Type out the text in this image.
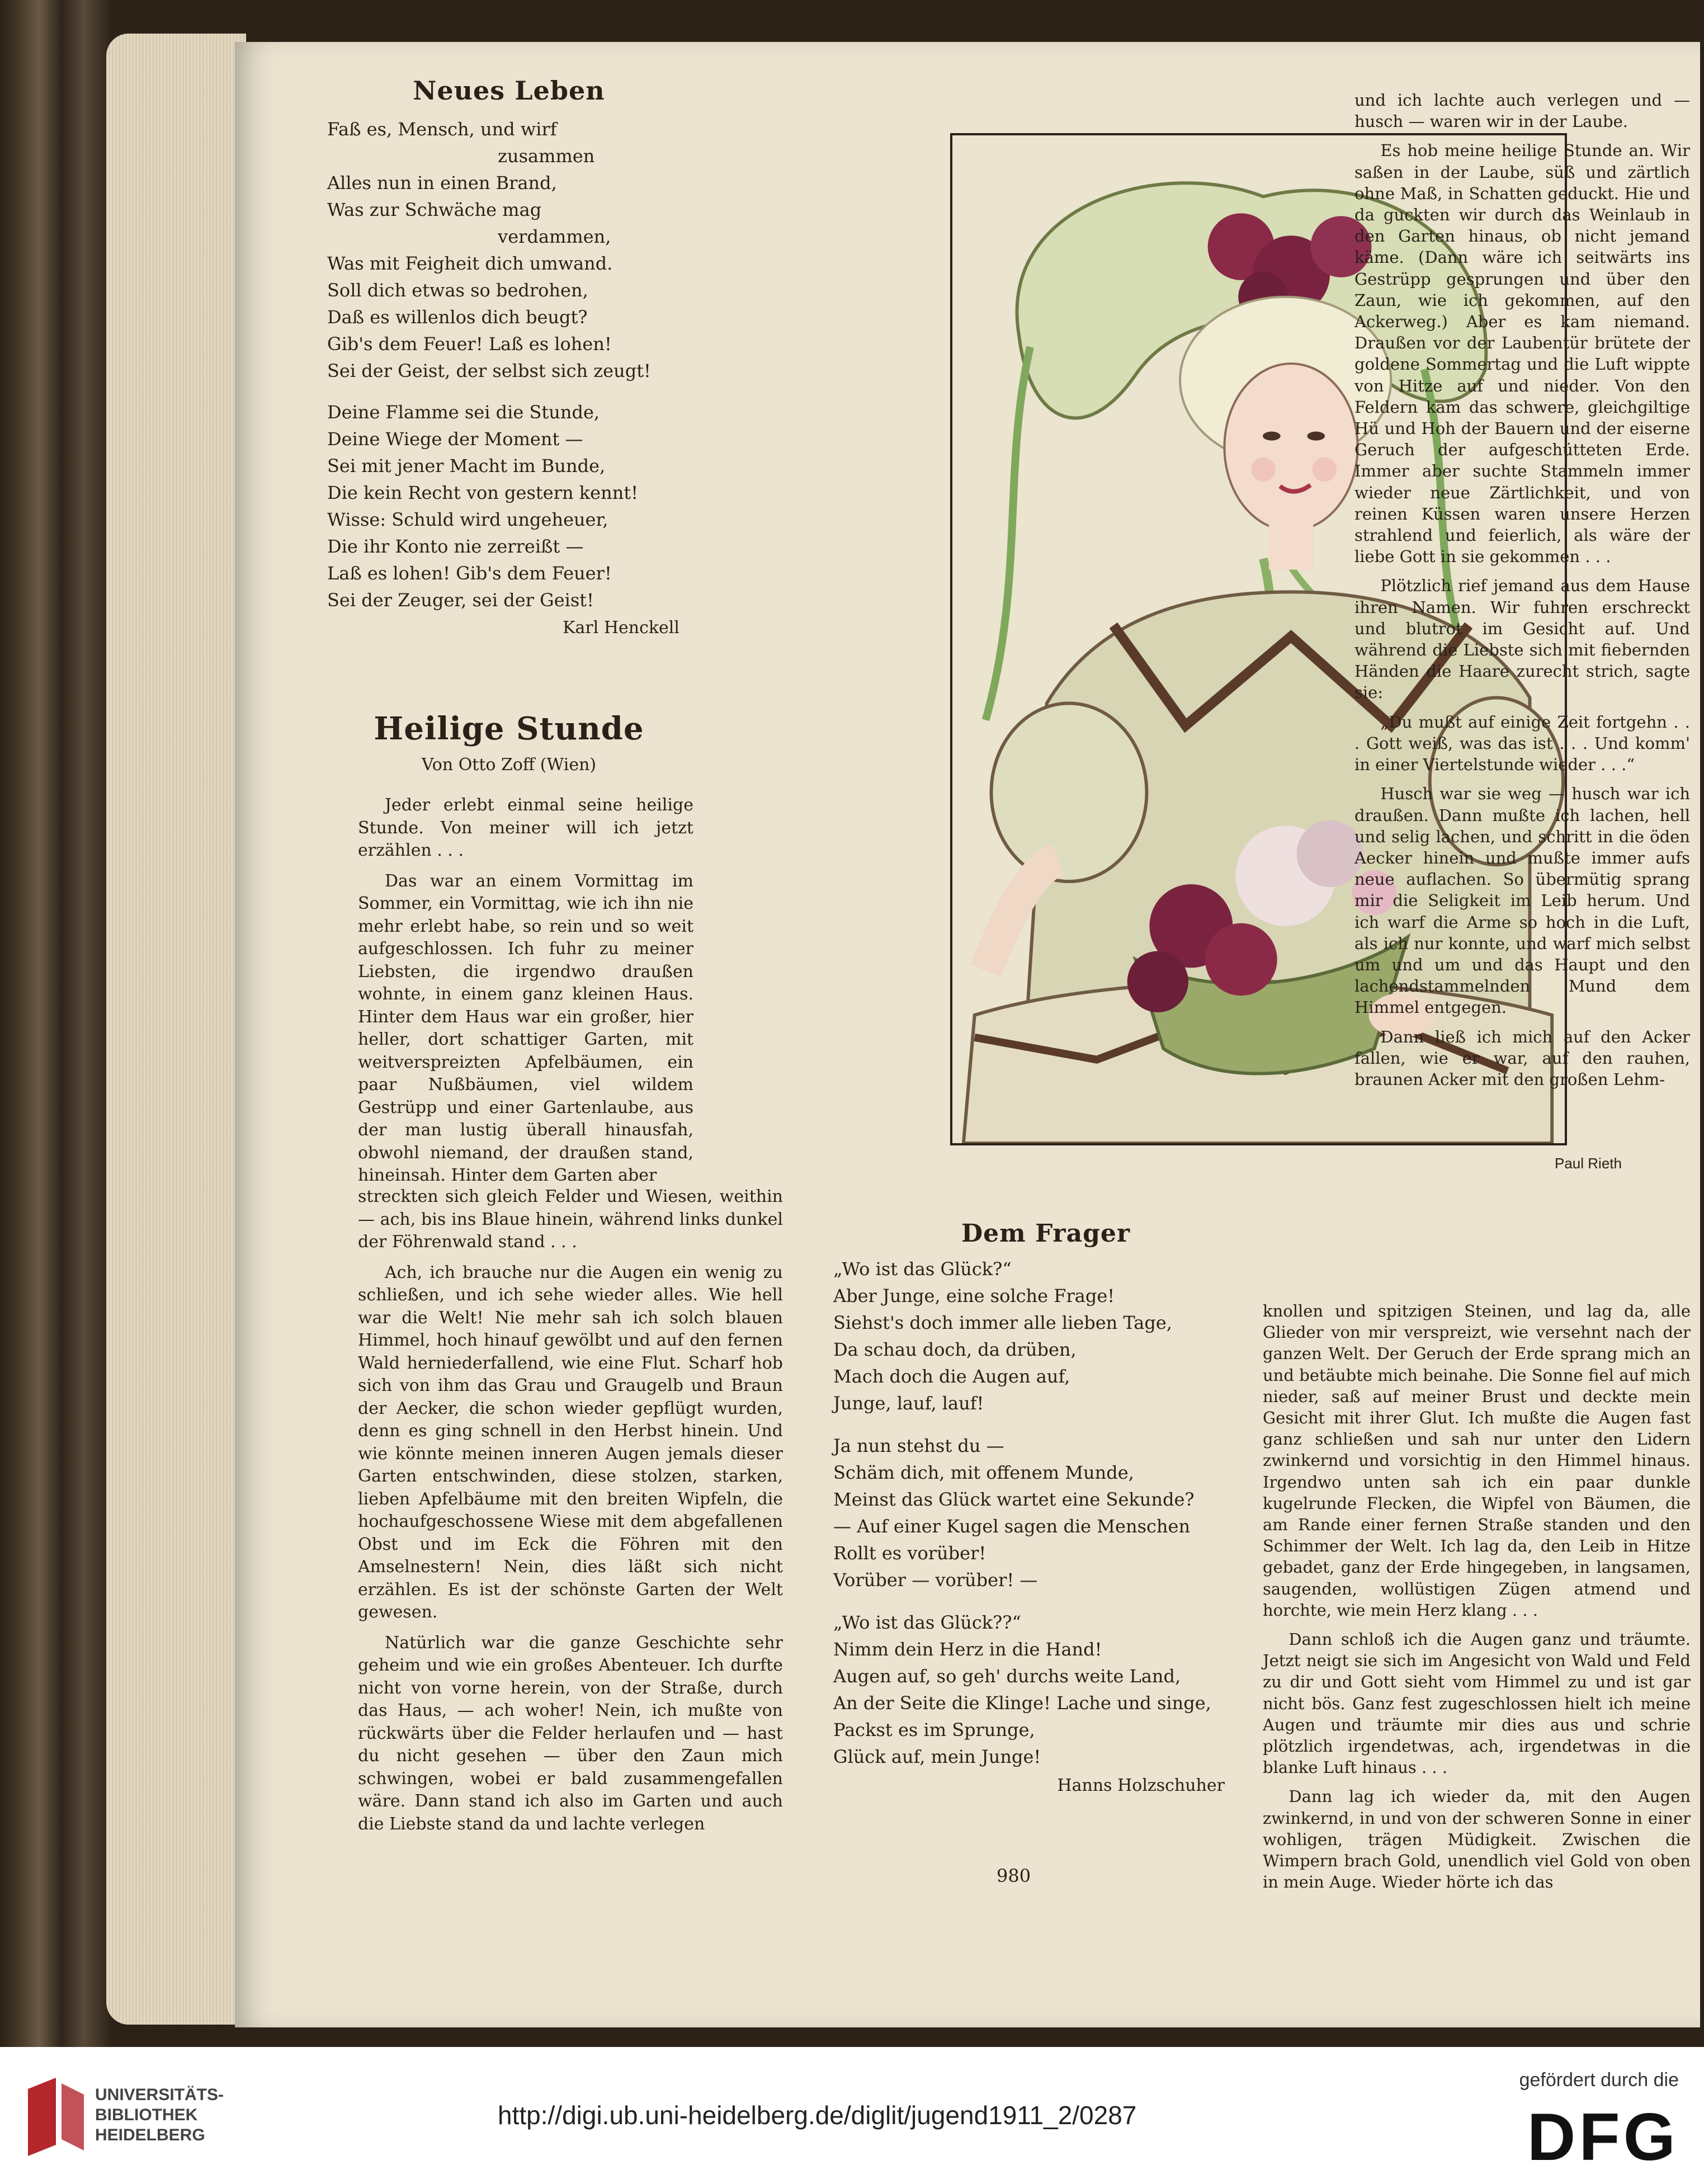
Neues Leben
Faß es, Mensch, und wirf
zusammen
Alles nun in einen Brand,
Was zur Schwäche mag
verdammen,
Was mit Feigheit dich umwand.
Soll dich etwas so bedrohen,
Daß es willenlos dich beugt?
Gib's dem Feuer! Laß es lohen!
Sei der Geist, der selbst sich zeugt!
Deine Flamme sei die Stunde,
Deine Wiege der Moment —
Sei mit jener Macht im Bunde,
Die kein Recht von gestern kennt!
Wisse: Schuld wird ungeheuer,
Die ihr Konto nie zerreißt —
Laß es lohen! Gib's dem Feuer!
Sei der Zeuger, sei der Geist!
Karl Henckell
Heilige Stunde
Von Otto Zoff (Wien)

Jeder erlebt einmal seine heilige Stunde. Von meiner will ich jetzt erzählen . . .

Das war an einem Vormittag im Sommer, ein Vormittag, wie ich ihn nie mehr erlebt habe, so rein und so weit aufgeschlossen. Ich fuhr zu meiner Liebsten, die irgendwo draußen wohnte, in einem ganz kleinen Haus. Hinter dem Haus war ein großer, hier heller, dort schattiger Garten, mit weitverspreizten Apfelbäumen, ein paar Nußbäumen, viel wildem Gestrüpp und einer Gartenlaube, aus der man lustig überall hinausfah, obwohl niemand, der draußen stand, hineinsah. Hinter dem Garten aber

streckten sich gleich Felder und Wiesen, weithin — ach, bis ins Blaue hinein, während links dunkel der Föhrenwald stand . . .

Ach, ich brauche nur die Augen ein wenig zu schließen, und ich sehe wieder alles. Wie hell war die Welt! Nie mehr sah ich solch blauen Himmel, hoch hinauf gewölbt und auf den fernen Wald herniederfallend, wie eine Flut. Scharf hob sich von ihm das Grau und Graugelb und Braun der Aecker, die schon wieder gepflügt wurden, denn es ging schnell in den Herbst hinein. Und wie könnte meinen inneren Augen jemals dieser Garten entschwinden, diese stolzen, starken, lieben Apfelbäume mit den breiten Wipfeln, die hochaufgeschossene Wiese mit dem abgefallenen Obst und im Eck die Föhren mit den Amselnestern! Nein, dies läßt sich nicht erzählen. Es ist der schönste Garten der Welt gewesen.

Natürlich war die ganze Geschichte sehr geheim und wie ein großes Abenteuer. Ich durfte nicht von vorne herein, von der Straße, durch das Haus, — ach woher! Nein, ich mußte von rückwärts über die Felder herlaufen und — hast du nicht gesehen — über den Zaun mich schwingen, wobei er bald zusammengefallen wäre. Dann stand ich also im Garten und auch die Liebste stand da und lachte verlegen

Paul Rieth
Dem Frager
„Wo ist das Glück?“
Aber Junge, eine solche Frage!
Siehst's doch immer alle lieben Tage,
Da schau doch, da drüben,
Mach doch die Augen auf,
Junge, lauf, lauf!
Ja nun stehst du —
Schäm dich, mit offenem Munde,
Meinst das Glück wartet eine Sekunde?
— Auf einer Kugel sagen die Menschen
Rollt es vorüber!
Vorüber — vorüber! —
„Wo ist das Glück??“
Nimm dein Herz in die Hand!
Augen auf, so geh' durchs weite Land,
An der Seite die Klinge! Lache und singe,
Packst es im Sprunge,
Glück auf, mein Junge!
Hanns Holzschuher

und ich lachte auch verlegen und — husch — waren wir in der Laube.

Es hob meine heilige Stunde an. Wir saßen in der Laube, süß und zärtlich ohne Maß, in Schatten geduckt. Hie und da guckten wir durch das Weinlaub in den Garten hinaus, ob nicht jemand käme. (Dann wäre ich seitwärts ins Gestrüpp gesprungen und über den Zaun, wie ich gekommen, auf den Ackerweg.) Aber es kam niemand. Draußen vor der Laubentür brütete der goldene Sommertag und die Luft wippte von Hitze auf und nieder. Von den Feldern kam das schwere, gleichgiltige Hü und Hoh der Bauern und der eiserne Geruch der aufgeschütteten Erde. Immer aber suchte Stammeln immer wieder neue Zärtlichkeit, und von reinen Küssen waren unsere Herzen strahlend und feierlich, als wäre der liebe Gott in sie gekommen . . .

Plötzlich rief jemand aus dem Hause ihren Namen. Wir fuhren erschreckt und blutrot im Gesicht auf. Und während die Liebste sich mit fiebernden Händen die Haare zurecht strich, sagte sie:

„Du mußt auf einige Zeit fortgehn . . . Gott weiß, was das ist . . . Und komm' in einer Viertelstunde wieder . . .“

Husch war sie weg — husch war ich draußen. Dann mußte ich lachen, hell und selig lachen, und schritt in die öden Aecker hinein und mußte immer aufs neue auflachen. So übermütig sprang mir die Seligkeit im Leib herum. Und ich warf die Arme so hoch in die Luft, als ich nur konnte, und warf mich selbst um und um und das Haupt und den lachendstammelnden Mund dem Himmel entgegen.

Dann ließ ich mich auf den Acker fallen, wie er war, auf den rauhen, braunen Acker mit den großen Lehm-

knollen und spitzigen Steinen, und lag da, alle Glieder von mir verspreizt, wie versehnt nach der ganzen Welt. Der Geruch der Erde sprang mich an und betäubte mich beinahe. Die Sonne fiel auf mich nieder, saß auf meiner Brust und deckte mein Gesicht mit ihrer Glut. Ich mußte die Augen fast ganz schließen und sah nur unter den Lidern zwinkernd und vorsichtig in den Himmel hinaus. Irgendwo unten sah ich ein paar dunkle kugelrunde Flecken, die Wipfel von Bäumen, die am Rande einer fernen Straße standen und den Schimmer der Welt. Ich lag da, den Leib in Hitze gebadet, ganz der Erde hingegeben, in langsamen, saugenden, wollüstigen Zügen atmend und horchte, wie mein Herz klang . . .

Dann schloß ich die Augen ganz und träumte. Jetzt neigt sie sich im Angesicht von Wald und Feld zu dir und Gott sieht vom Himmel zu und ist gar nicht bös. Ganz fest zugeschlossen hielt ich meine Augen und träumte mir dies aus und schrie plötzlich irgendetwas, ach, irgendetwas in die blanke Luft hinaus . . .

Dann lag ich wieder da, mit den Augen zwinkernd, in und von der schweren Sonne in einer wohligen, trägen Müdigkeit. Zwischen die Wimpern brach Gold, unendlich viel Gold von oben in mein Auge. Wieder hörte ich das

980
UNIVERSITÄTS-
BIBLIOTHEK
HEIDELBERG
http://digi.ub.uni-heidelberg.de/diglit/jugend1911_2/0287
gefördert durch die
DFG
